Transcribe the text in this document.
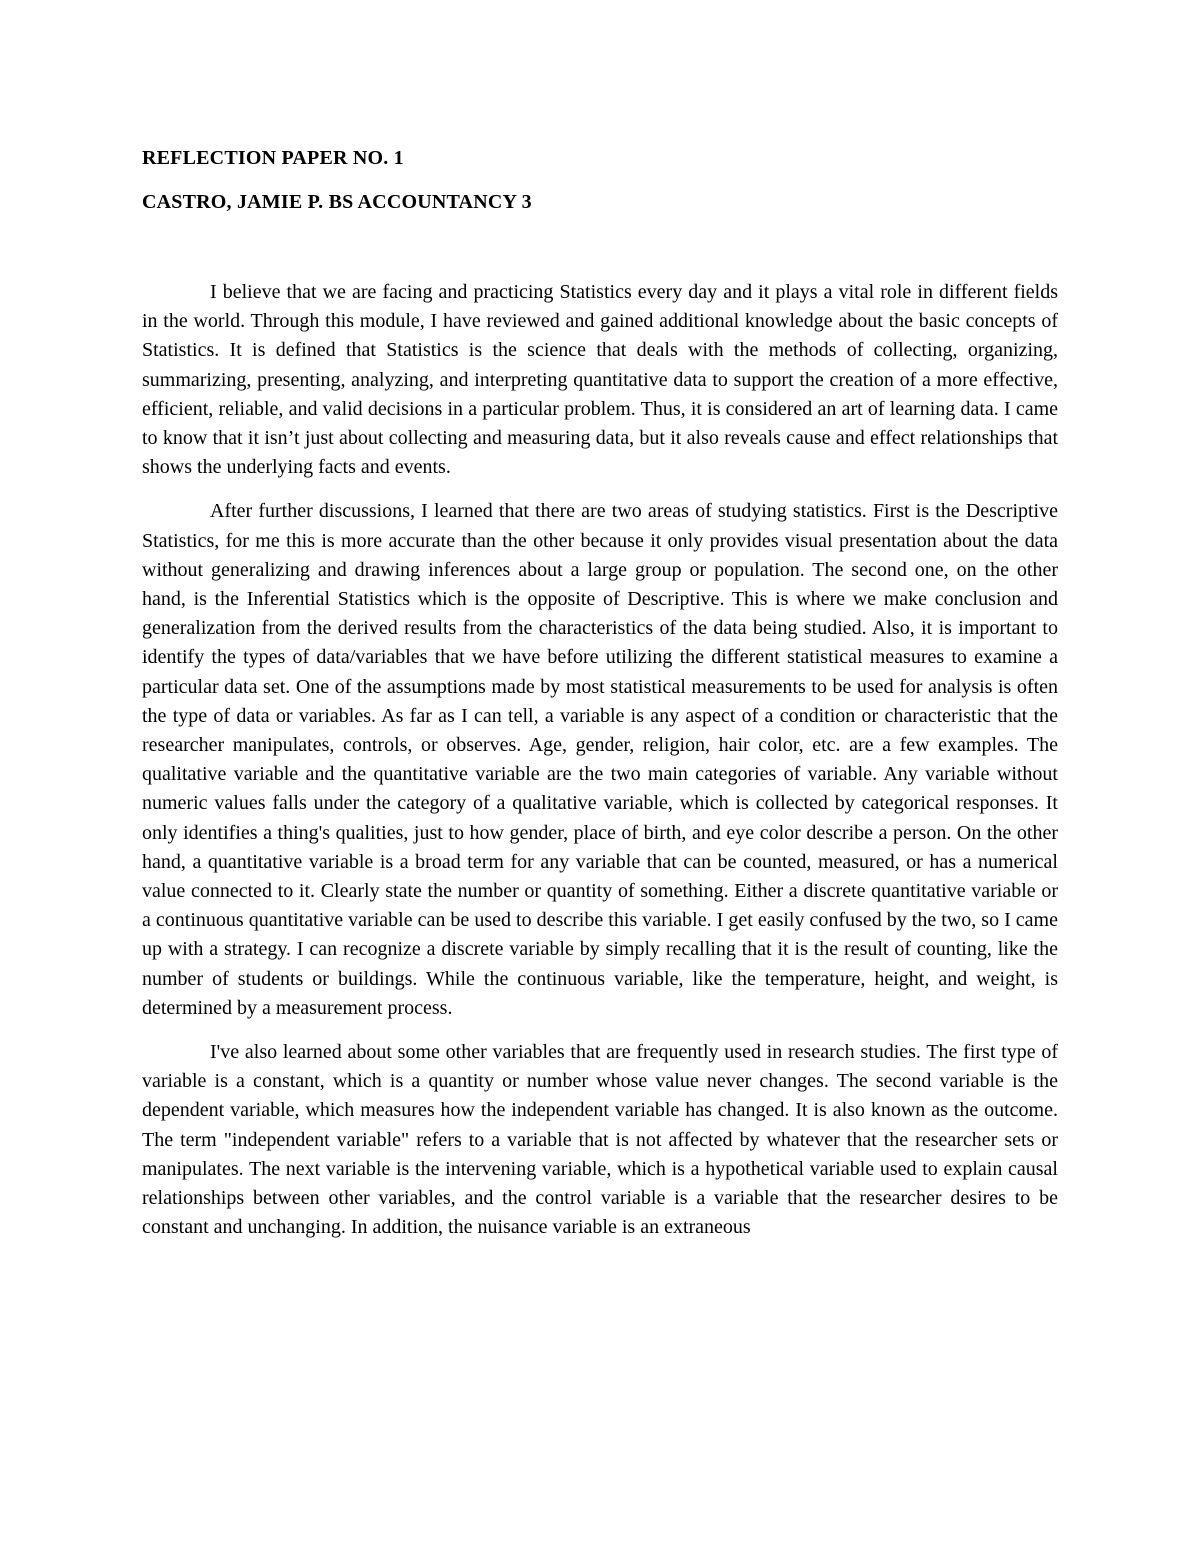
REFLECTION PAPER NO. 1
CASTRO, JAMIE P. BS ACCOUNTANCY 3

I believe that we are facing and practicing Statistics every day and it plays a vital role in different fields in the world. Through this module, I have reviewed and gained additional knowledge about the basic concepts of Statistics. It is defined that Statistics is the science that deals with the methods of collecting, organizing, summarizing, presenting, analyzing, and interpreting quantitative data to support the creation of a more effective, efficient, reliable, and valid decisions in a particular problem. Thus, it is considered an art of learning data. I came to know that it isn’t just about collecting and measuring data, but it also reveals cause and effect relationships that shows the underlying facts and events.

After further discussions, I learned that there are two areas of studying statistics. First is the Descriptive Statistics, for me this is more accurate than the other because it only provides visual presentation about the data without generalizing and drawing inferences about a large group or population. The second one, on the other hand, is the Inferential Statistics which is the opposite of Descriptive. This is where we make conclusion and generalization from the derived results from the characteristics of the data being studied. Also, it is important to identify the types of data/variables that we have before utilizing the different statistical measures to examine a particular data set. One of the assumptions made by most statistical measurements to be used for analysis is often the type of data or variables. As far as I can tell, a variable is any aspect of a condition or characteristic that the researcher manipulates, controls, or observes. Age, gender, religion, hair color, etc. are a few examples. The qualitative variable and the quantitative variable are the two main categories of variable. Any variable without numeric values falls under the category of a qualitative variable, which is collected by categorical responses. It only identifies a thing's qualities, just to how gender, place of birth, and eye color describe a person. On the other hand, a quantitative variable is a broad term for any variable that can be counted, measured, or has a numerical value connected to it. Clearly state the number or quantity of something. Either a discrete quantitative variable or a continuous quantitative variable can be used to describe this variable. I get easily confused by the two, so I came up with a strategy. I can recognize a discrete variable by simply recalling that it is the result of counting, like the number of students or buildings. While the continuous variable, like the temperature, height, and weight, is determined by a measurement process.

I've also learned about some other variables that are frequently used in research studies. The first type of variable is a constant, which is a quantity or number whose value never changes. The second variable is the dependent variable, which measures how the independent variable has changed. It is also known as the outcome. The term "independent variable" refers to a variable that is not affected by whatever that the researcher sets or manipulates. The next variable is the intervening variable, which is a hypothetical variable used to explain causal relationships between other variables, and the control variable is a variable that the researcher desires to be constant and unchanging. In addition, the nuisance variable is an extraneous
